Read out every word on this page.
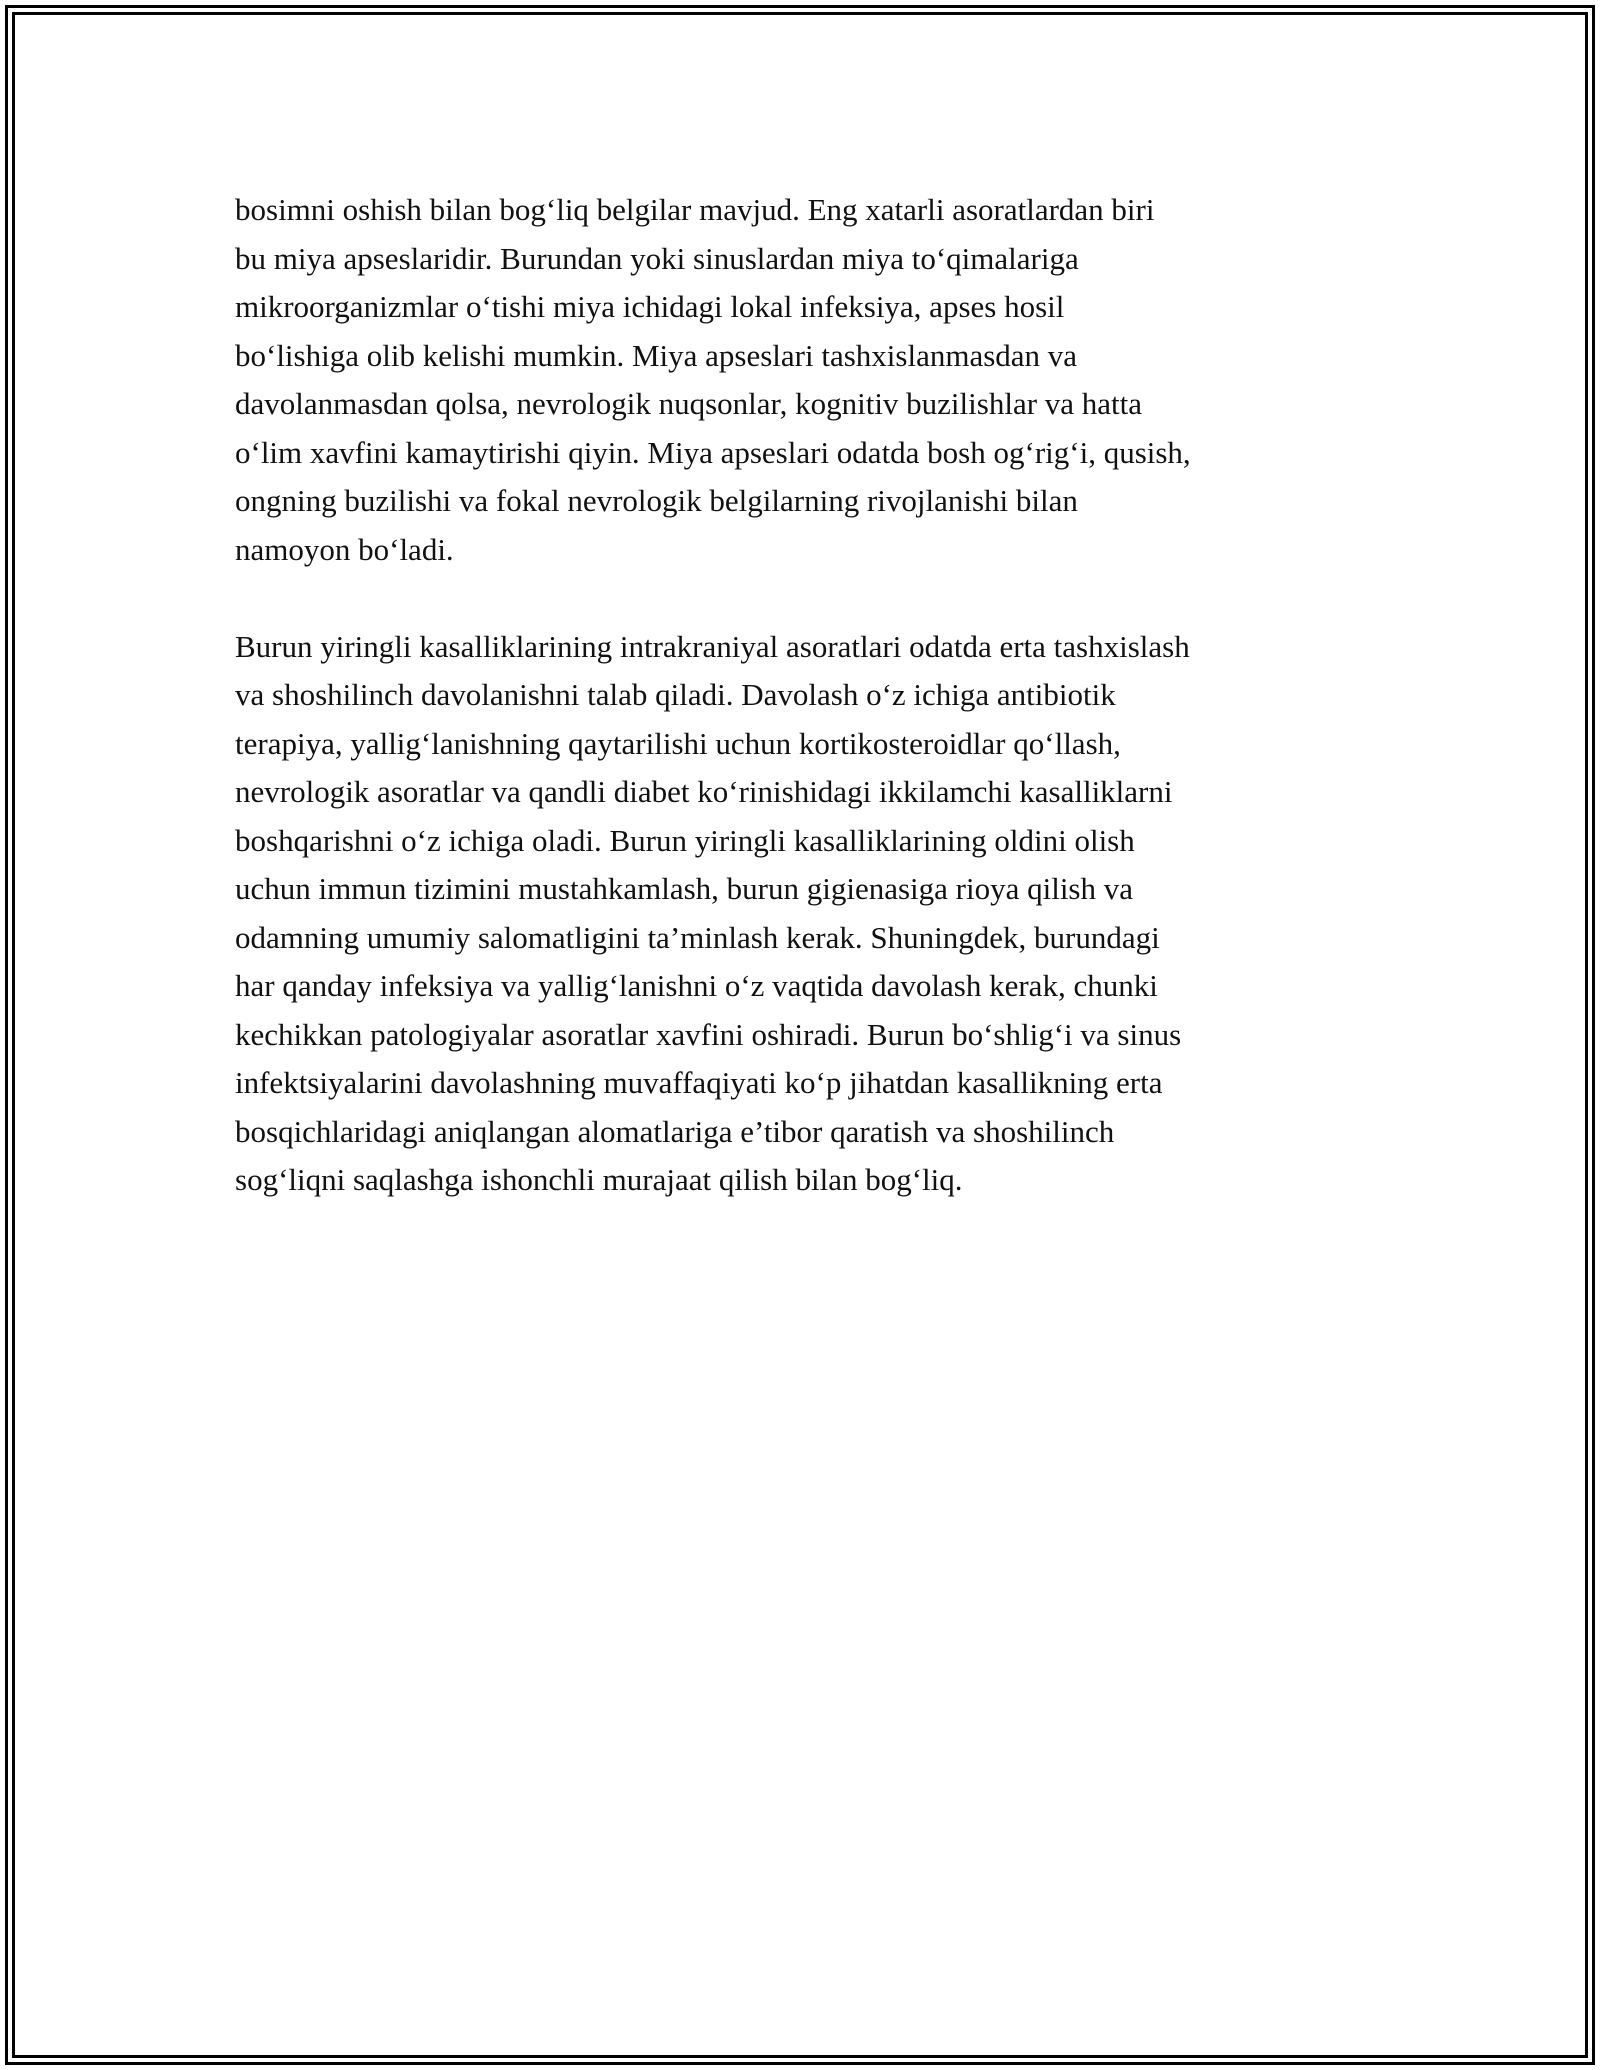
bosimni oshish bilan bog‘liq belgilar mavjud. Eng xatarli asoratlardan biri
bu miya apseslaridir. Burundan yoki sinuslardan miya to‘qimalariga
mikroorganizmlar o‘tishi miya ichidagi lokal infeksiya, apses hosil
bo‘lishiga olib kelishi mumkin. Miya apseslari tashxislanmasdan va
davolanmasdan qolsa, nevrologik nuqsonlar, kognitiv buzilishlar va hatta
o‘lim xavfini kamaytirishi qiyin. Miya apseslari odatda bosh og‘rig‘i, qusish,
ongning buzilishi va fokal nevrologik belgilarning rivojlanishi bilan
namoyon bo‘ladi.
Burun yiringli kasalliklarining intrakraniyal asoratlari odatda erta tashxislash
va shoshilinch davolanishni talab qiladi. Davolash o‘z ichiga antibiotik
terapiya, yallig‘lanishning qaytarilishi uchun kortikosteroidlar qo‘llash,
nevrologik asoratlar va qandli diabet ko‘rinishidagi ikkilamchi kasalliklarni
boshqarishni o‘z ichiga oladi. Burun yiringli kasalliklarining oldini olish
uchun immun tizimini mustahkamlash, burun gigienasiga rioya qilish va
odamning umumiy salomatligini ta’minlash kerak. Shuningdek, burundagi
har qanday infeksiya va yallig‘lanishni o‘z vaqtida davolash kerak, chunki
kechikkan patologiyalar asoratlar xavfini oshiradi. Burun bo‘shlig‘i va sinus
infektsiyalarini davolashning muvaffaqiyati ko‘p jihatdan kasallikning erta
bosqichlaridagi aniqlangan alomatlariga e’tibor qaratish va shoshilinch
sog‘liqni saqlashga ishonchli murajaat qilish bilan bog‘liq.
